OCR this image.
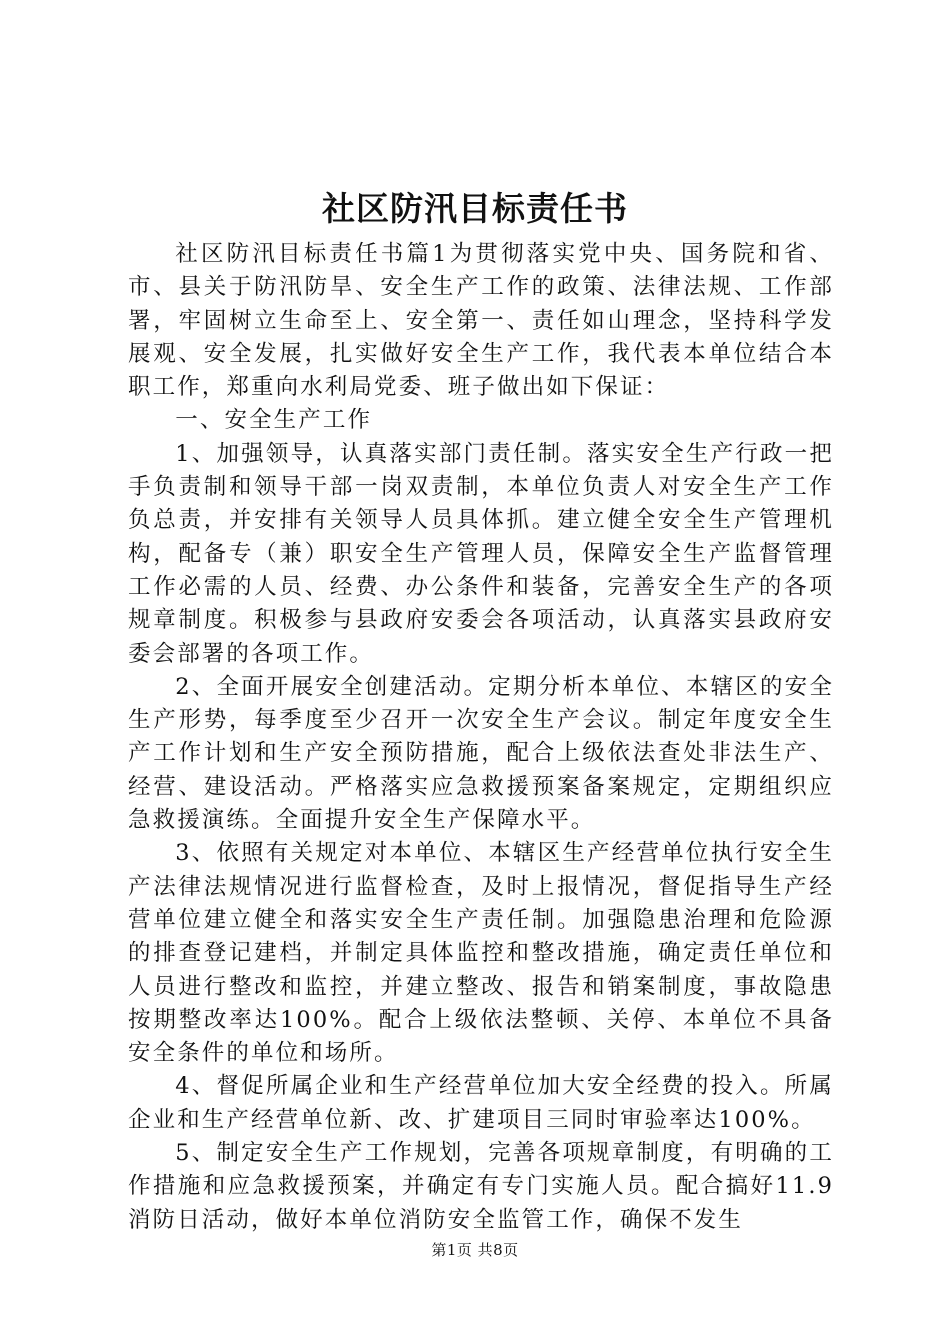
社区防汛目标责任书

社区防汛目标责任书篇1为贯彻落实党中央、国务院和省、市、县关于防汛防旱、安全生产工作的政策、法律法规、工作部署，牢固树立生命至上、安全第一、责任如山理念，坚持科学发展观、安全发展，扎实做好安全生产工作，我代表本单位结合本职工作，郑重向水利局党委、班子做出如下保证：

一、安全生产工作

1、加强领导，认真落实部门责任制。落实安全生产行政一把手负责制和领导干部一岗双责制，本单位负责人对安全生产工作负总责，并安排有关领导人员具体抓。建立健全安全生产管理机构，配备专（兼）职安全生产管理人员，保障安全生产监督管理工作必需的人员、经费、办公条件和装备，完善安全生产的各项规章制度。积极参与县政府安委会各项活动，认真落实县政府安委会部署的各项工作。

2、全面开展安全创建活动。定期分析本单位、本辖区的安全生产形势，每季度至少召开一次安全生产会议。制定年度安全生产工作计划和生产安全预防措施，配合上级依法查处非法生产、经营、建设活动。严格落实应急救援预案备案规定，定期组织应急救援演练。全面提升安全生产保障水平。

3、依照有关规定对本单位、本辖区生产经营单位执行安全生产法律法规情况进行监督检查，及时上报情况，督促指导生产经营单位建立健全和落实安全生产责任制。加强隐患治理和危险源的排查登记建档，并制定具体监控和整改措施，确定责任单位和人员进行整改和监控，并建立整改、报告和销案制度，事故隐患按期整改率达100%。配合上级依法整顿、关停、本单位不具备安全条件的单位和场所。

4、督促所属企业和生产经营单位加大安全经费的投入。所属企业和生产经营单位新、改、扩建项目三同时审验率达100%。

5、制定安全生产工作规划，完善各项规章制度，有明确的工作措施和应急救援预案，并确定有专门实施人员。配合搞好11.9消防日活动，做好本单位消防安全监管工作，确保不发生

第1页 共8页
